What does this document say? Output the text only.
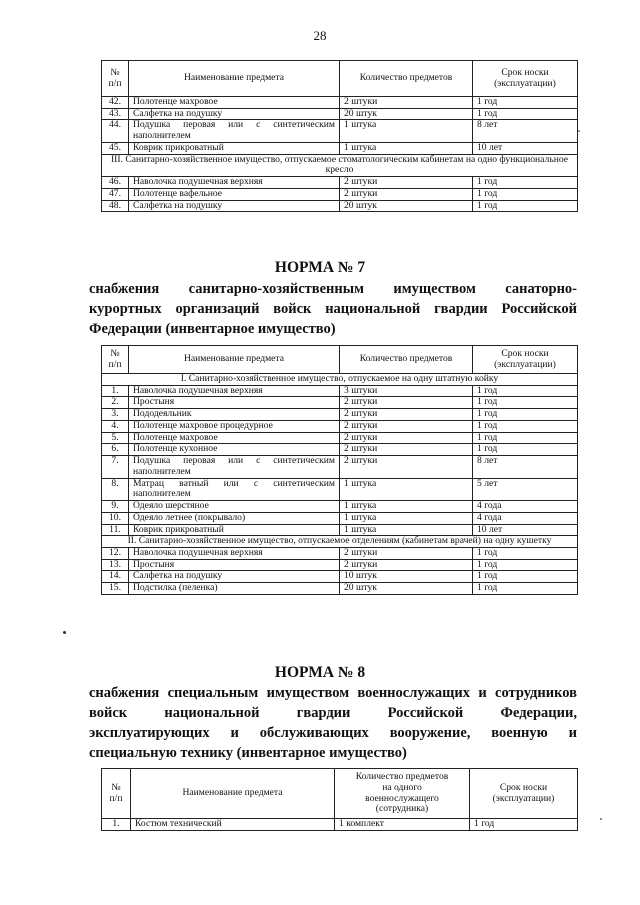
28
№
п/п	Наименование предмета	Количество предметов	Срок носки
(эксплуатации)
42.	Полотенце махровое	2 штуки	1 год
43.	Салфетка на подушку	20 штук	1 год
44.	Подушка перовая или с синтетическим наполнителем	1 штука	8 лет
45.	Коврик прикроватный	1 штука	10 лет
III. Санитарно-хозяйственное имущество, отпускаемое стоматологическим кабинетам на одно функциональное кресло			
46.	Наволочка подушечная верхняя	2 штуки	1 год
47.	Полотенце вафельное	2 штуки	1 год
48.	Салфетка на подушку	20 штук	1 год
НОРМА № 7
снабжения санитарно-хозяйственным имуществом санаторно-
курортных организаций войск национальной гвардии Российской
Федерации (инвентарное имущество)
№
п/п	Наименование предмета	Количество предметов	Срок носки
(эксплуатации)
I. Санитарно-хозяйственное имущество, отпускаемое на одну штатную койку			
1.	Наволочка подушечная верхняя	3 штуки	1 год
2.	Простыня	2 штуки	1 год
3.	Пододеяльник	2 штуки	1 год
4.	Полотенце махровое процедурное	2 штуки	1 год
5.	Полотенце махровое	2 штуки	1 год
6.	Полотенце кухонное	2 штуки	1 год
7.	Подушка перовая или с синтетическим наполнителем	2 штуки	8 лет
8.	Матрац ватный или с синтетическим наполнителем	1 штука	5 лет
9.	Одеяло шерстяное	1 штука	4 года
10.	Одеяло летнее (покрывало)	1 штука	4 года
11.	Коврик прикроватный	1 штука	10 лет
II. Санитарно-хозяйственное имущество, отпускаемое отделениям (кабинетам врачей) на одну кушетку			
12.	Наволочка подушечная верхняя	2 штуки	1 год
13.	Простыня	2 штуки	1 год
14.	Салфетка на подушку	10 штук	1 год
15.	Подстилка (пеленка)	20 штук	1 год
НОРМА № 8
снабжения специальным имуществом военнослужащих и сотрудников
войск национальной гвардии Российской Федерации,
эксплуатирующих и обслуживающих вооружение, военную и
специальную технику (инвентарное имущество)
№
п/п	Наименование предмета	Количество предметов
на одного
военнослужащего
(сотрудника)	Срок носки
(эксплуатации)
1.	Костюм технический	1 комплект	1 год
